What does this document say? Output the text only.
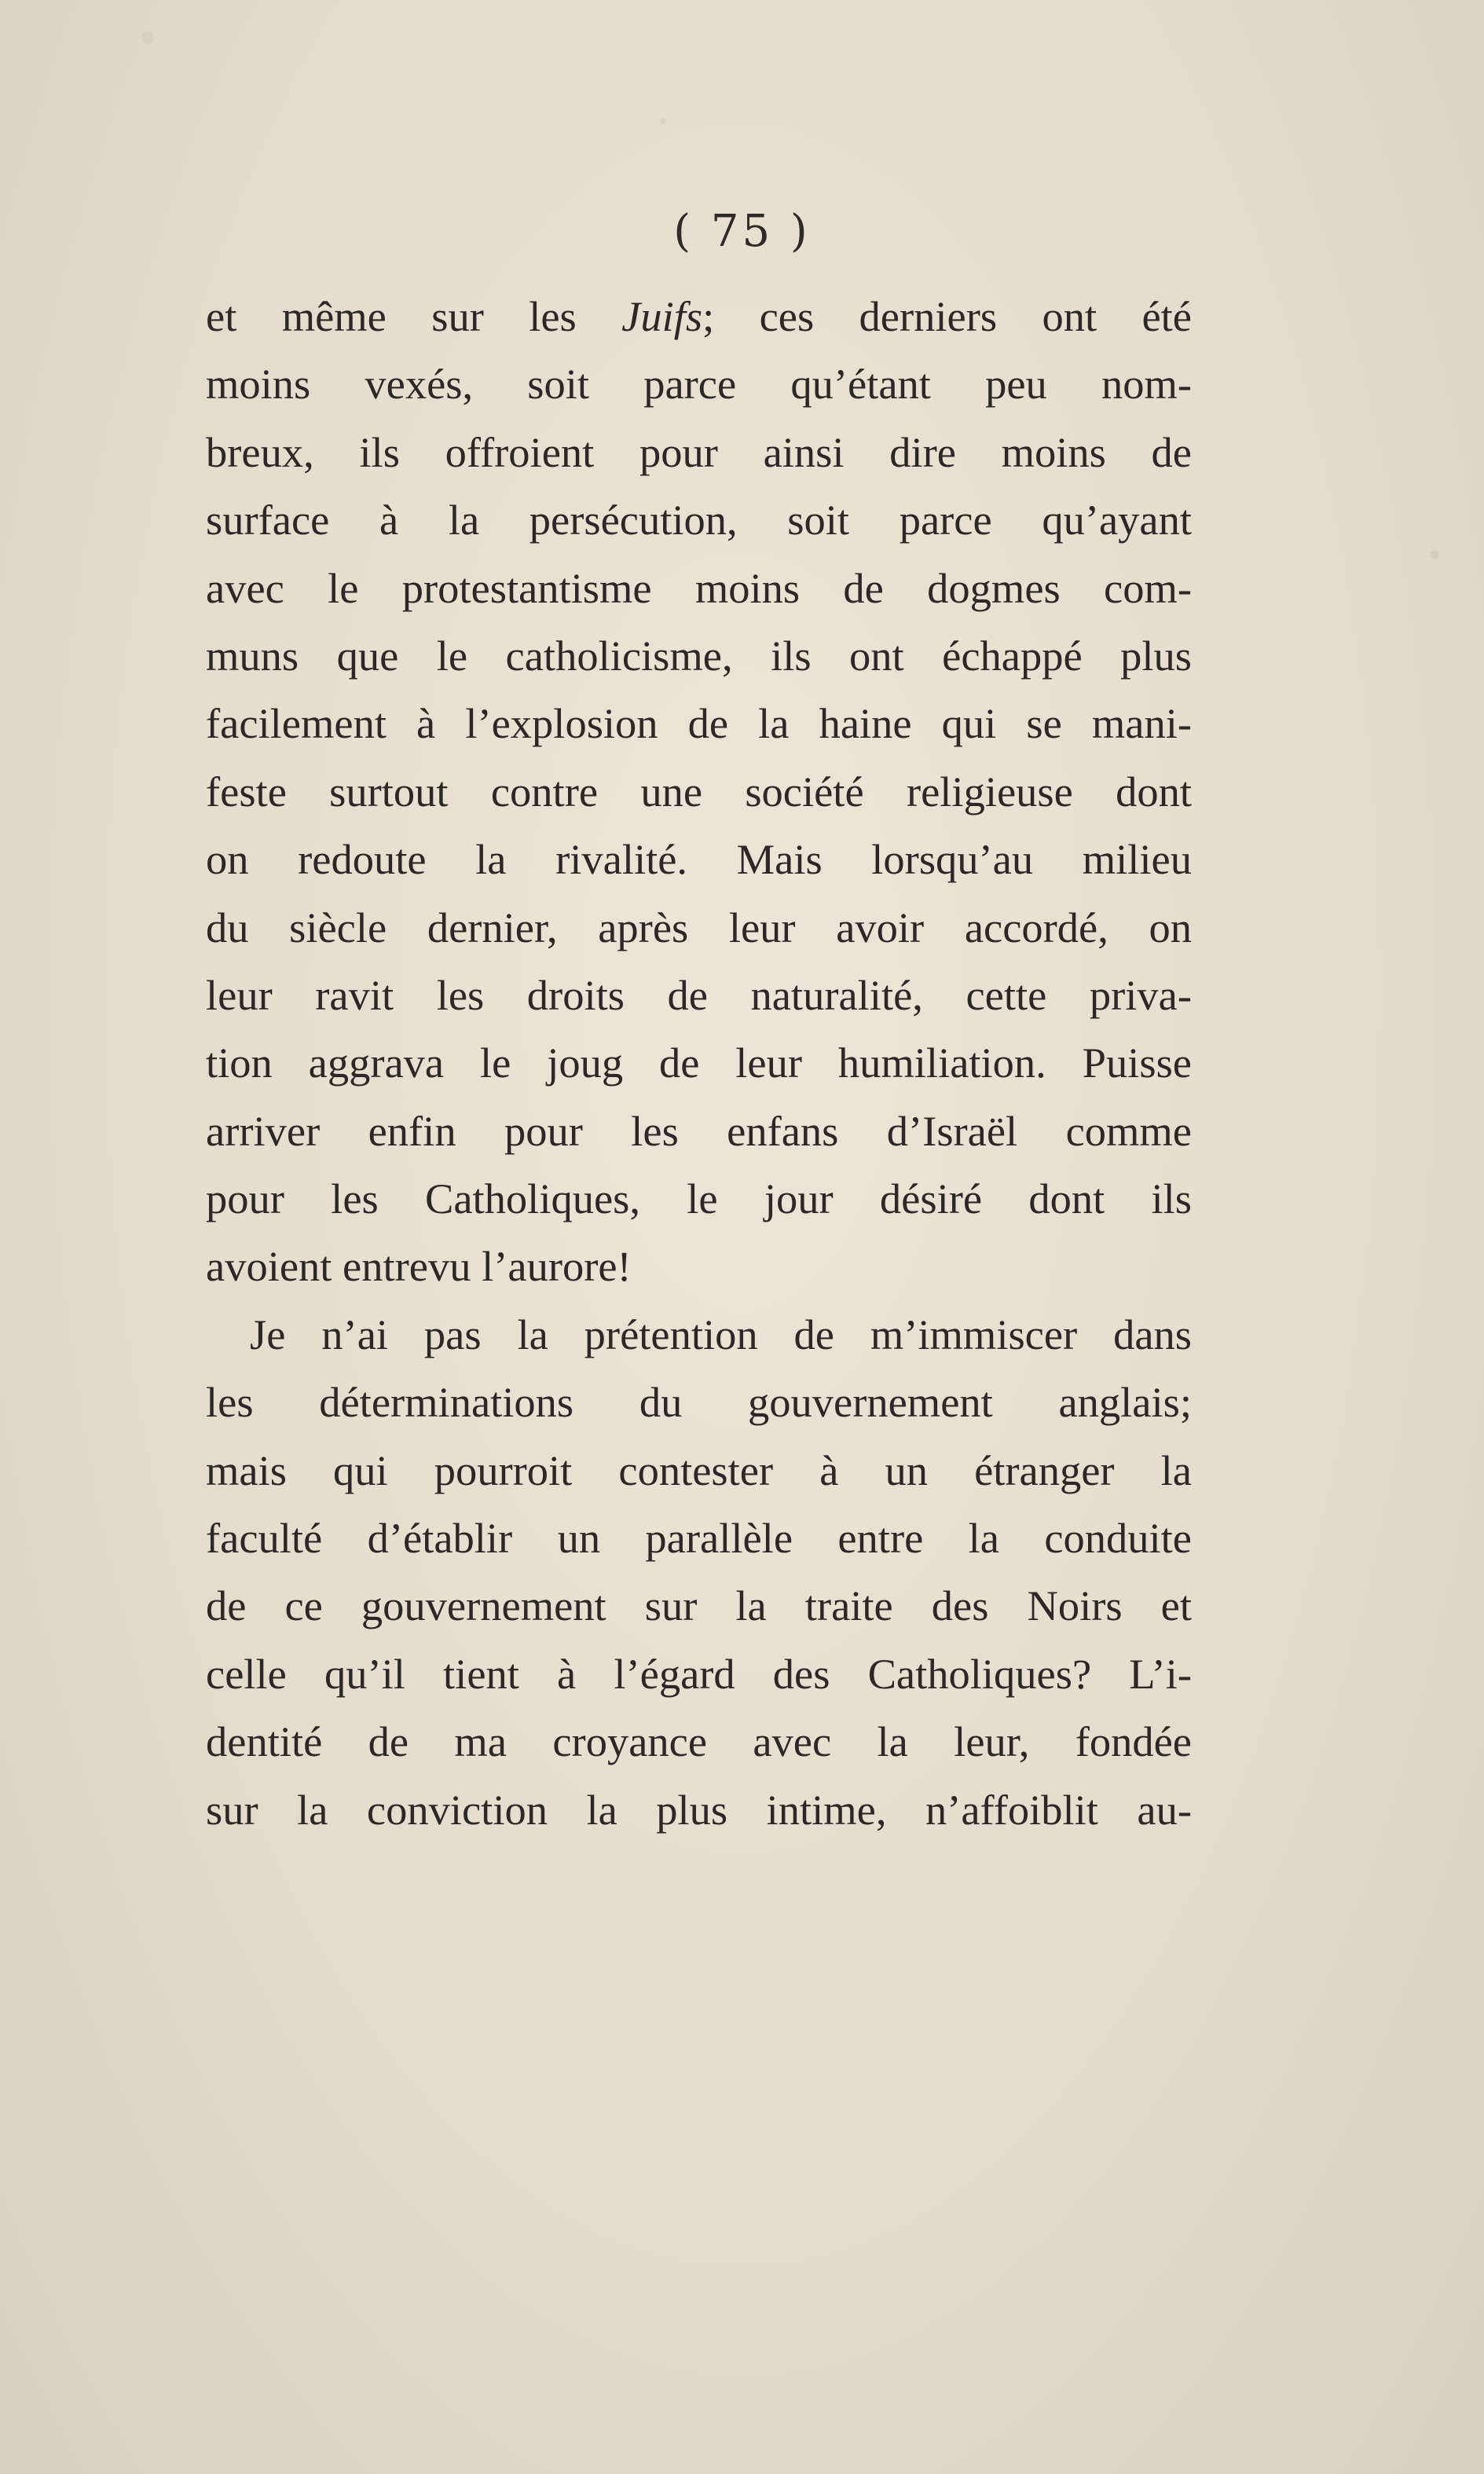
( 75 )
et même sur les Juifs; ces derniers ont été
moins vexés, soit parce qu’étant peu nom-
breux, ils offroient pour ainsi dire moins de
surface à la persécution, soit parce qu’ayant
avec le protestantisme moins de dogmes com-
muns que le catholicisme, ils ont échappé plus
facilement à l’explosion de la haine qui se mani-
feste surtout contre une société religieuse dont
on redoute la rivalité. Mais lorsqu’au milieu
du siècle dernier, après leur avoir accordé, on
leur ravit les droits de naturalité, cette priva-
tion aggrava le joug de leur humiliation. Puisse
arriver enfin pour les enfans d’Israël comme
pour les Catholiques, le jour désiré dont ils
avoient entrevu l’aurore!
Je n’ai pas la prétention de m’immiscer dans
les déterminations du gouvernement anglais;
mais qui pourroit contester à un étranger la
faculté d’établir un parallèle entre la conduite
de ce gouvernement sur la traite des Noirs et
celle qu’il tient à l’égard des Catholiques? L’i-
dentité de ma croyance avec la leur, fondée
sur la conviction la plus intime, n’affoiblit au-
